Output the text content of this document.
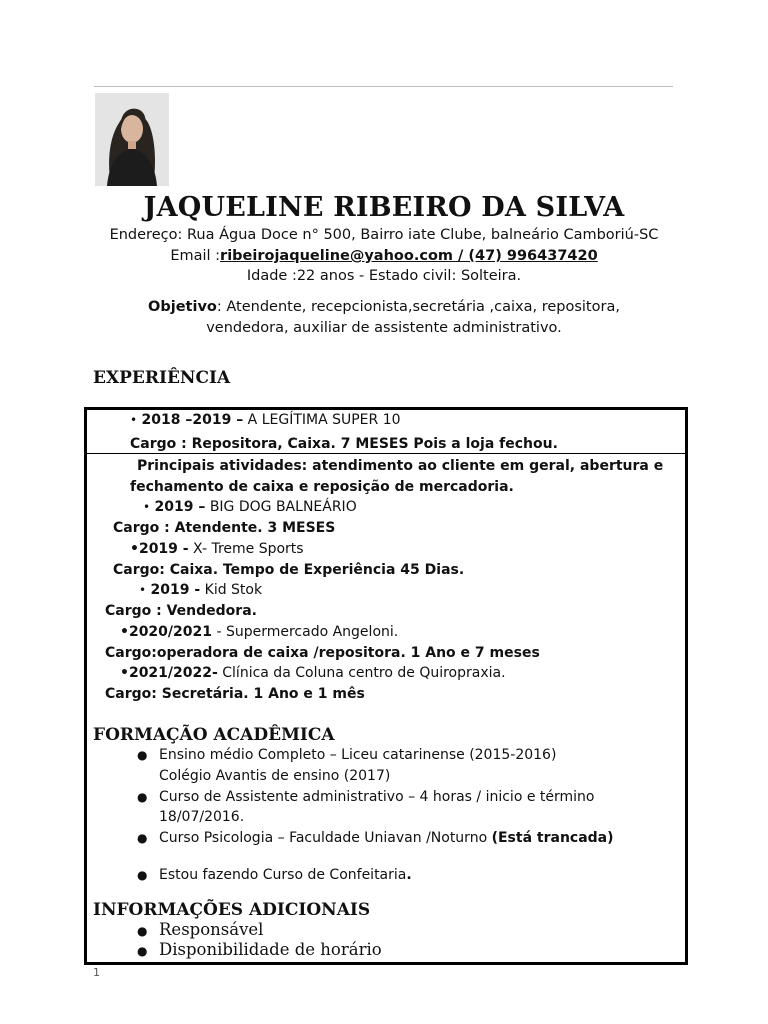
JAQUELINE RIBEIRO DA SILVA
Endereço: Rua Água Doce n° 500, Bairro iate Clube, balneário Camboriú-SC
Email :ribeirojaqueline@yahoo.com / (47) 996437420
Idade :22 anos - Estado civil: Solteira.
Objetivo: Atendente, recepcionista,secretária ,caixa, repositora,
vendedora, auxiliar de assistente administrativo.
EXPERIÊNCIA
• 2018 –2019 – A LEGÍTIMA SUPER 10
Cargo : Repositora, Caixa. 7 MESES Pois a loja fechou.
Principais atividades: atendimento ao cliente em geral, abertura e
fechamento de caixa e reposição de mercadoria.
• 2019 – BIG DOG BALNEÁRIO
Cargo : Atendente. 3 MESES
•2019 - X- Treme Sports
Cargo: Caixa. Tempo de Experiência 45 Dias.
• 2019 - Kid Stok
Cargo : Vendedora.
•2020/2021 - Supermercado Angeloni.
Cargo:operadora de caixa /repositora. 1 Ano e 7 meses
•2021/2022- Clínica da Coluna centro de Quiropraxia.
Cargo: Secretária. 1 Ano e 1 mês
FORMAÇÃO ACADÊMICA
● Ensino médio Completo – Liceu catarinense (2015-2016)
Colégio Avantis de ensino (2017)
● Curso de Assistente administrativo – 4 horas / inicio e término
18/07/2016.
● Curso Psicologia – Faculdade Uniavan /Noturno (Está trancada)
● Estou fazendo Curso de Confeitaria.
INFORMAÇÕES ADICIONAIS
● Responsável
● Disponibilidade de horário
1
